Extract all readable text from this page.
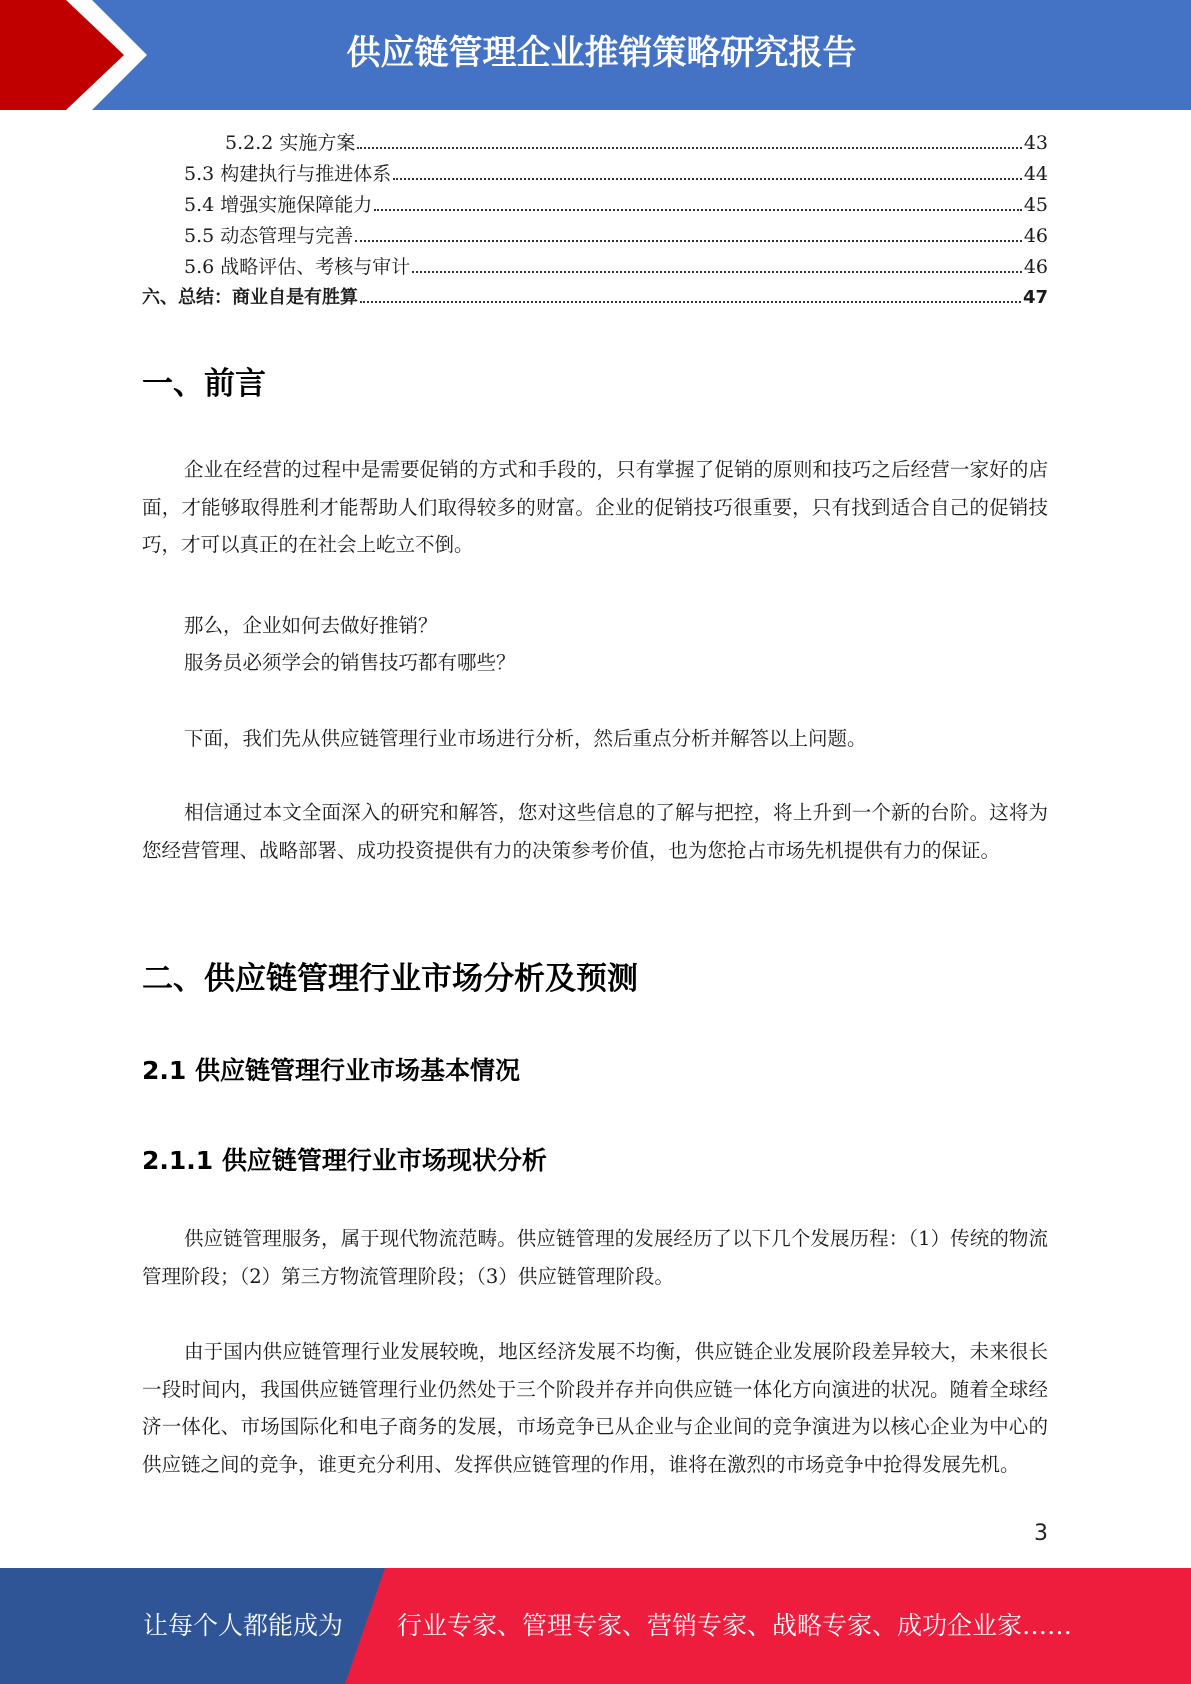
供应链管理企业推销策略研究报告
5.2.2 实施方案	43
5.3 构建执行与推进体系	44
5.4 增强实施保障能力	45
5.5 动态管理与完善	46
5.6 战略评估、考核与审计	46
六、总结：商业自是有胜算	47
一、前言
企业在经营的过程中是需要促销的方式和手段的，只有掌握了促销的原则和技巧之后经营一家好的店面，才能够取得胜利才能帮助人们取得较多的财富。企业的促销技巧很重要，只有找到适合自己的促销技巧，才可以真正的在社会上屹立不倒。
那么，企业如何去做好推销？
服务员必须学会的销售技巧都有哪些？
下面，我们先从供应链管理行业市场进行分析，然后重点分析并解答以上问题。
相信通过本文全面深入的研究和解答，您对这些信息的了解与把控，将上升到一个新的台阶。这将为您经营管理、战略部署、成功投资提供有力的决策参考价值，也为您抢占市场先机提供有力的保证。
二、供应链管理行业市场分析及预测
2.1 供应链管理行业市场基本情况
2.1.1 供应链管理行业市场现状分析
供应链管理服务，属于现代物流范畴。供应链管理的发展经历了以下几个发展历程：（1）传统的物流管理阶段；（2）第三方物流管理阶段；（3）供应链管理阶段。
由于国内供应链管理行业发展较晚，地区经济发展不均衡，供应链企业发展阶段差异较大，未来很长一段时间内，我国供应链管理行业仍然处于三个阶段并存并向供应链一体化方向演进的状况。随着全球经济一体化、市场国际化和电子商务的发展，市场竞争已从企业与企业间的竞争演进为以核心企业为中心的供应链之间的竞争，谁更充分利用、发挥供应链管理的作用，谁将在激烈的市场竞争中抢得发展先机。
3
让每个人都能成为 行业专家、管理专家、营销专家、战略专家、成功企业家……
